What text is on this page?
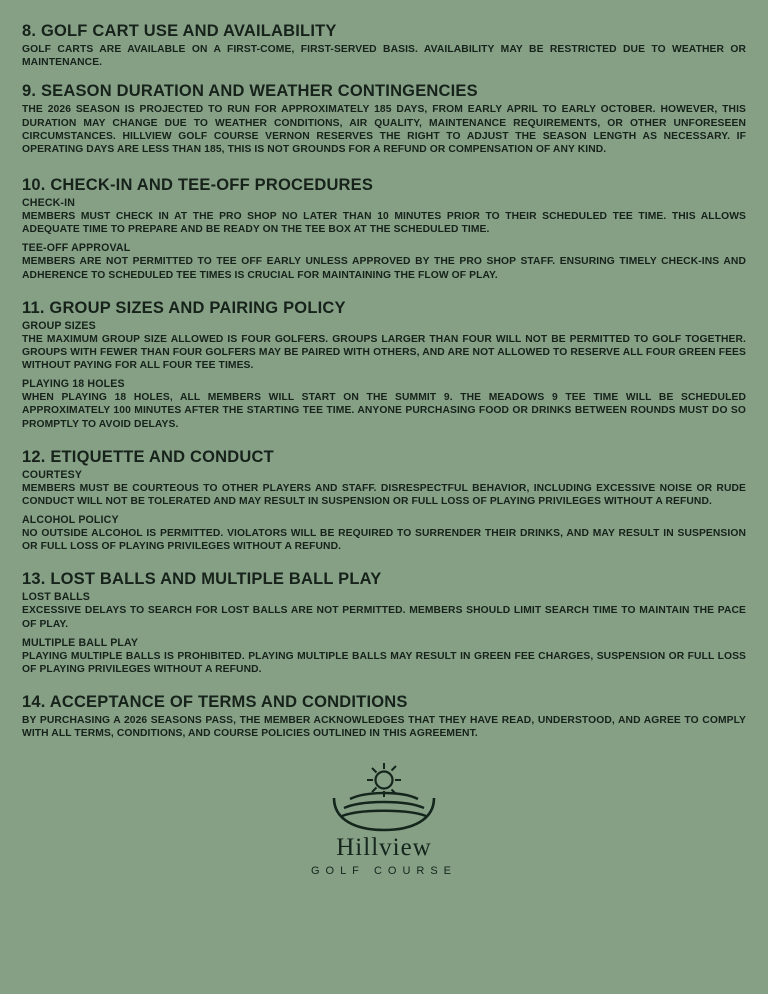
8. GOLF CART USE AND AVAILABILITY

GOLF CARTS ARE AVAILABLE ON A FIRST-COME, FIRST-SERVED BASIS. AVAILABILITY MAY BE RESTRICTED DUE TO WEATHER OR MAINTENANCE.

9. SEASON DURATION AND WEATHER CONTINGENCIES

THE 2026 SEASON IS PROJECTED TO RUN FOR APPROXIMATELY 185 DAYS, FROM EARLY APRIL TO EARLY OCTOBER. HOWEVER, THIS DURATION MAY CHANGE DUE TO WEATHER CONDITIONS, AIR QUALITY, MAINTENANCE REQUIREMENTS, OR OTHER UNFORESEEN CIRCUMSTANCES. HILLVIEW GOLF COURSE VERNON RESERVES THE RIGHT TO ADJUST THE SEASON LENGTH AS NECESSARY. IF OPERATING DAYS ARE LESS THAN 185, THIS IS NOT GROUNDS FOR A REFUND OR COMPENSATION OF ANY KIND.

10. CHECK-IN AND TEE-OFF PROCEDURES

CHECK-IN

MEMBERS MUST CHECK IN AT THE PRO SHOP NO LATER THAN 10 MINUTES PRIOR TO THEIR SCHEDULED TEE TIME. THIS ALLOWS ADEQUATE TIME TO PREPARE AND BE READY ON THE TEE BOX AT THE SCHEDULED TIME.

TEE-OFF APPROVAL

MEMBERS ARE NOT PERMITTED TO TEE OFF EARLY UNLESS APPROVED BY THE PRO SHOP STAFF. ENSURING TIMELY CHECK-INS AND ADHERENCE TO SCHEDULED TEE TIMES IS CRUCIAL FOR MAINTAINING THE FLOW OF PLAY.

11. GROUP SIZES AND PAIRING POLICY

GROUP SIZES

THE MAXIMUM GROUP SIZE ALLOWED IS FOUR GOLFERS. GROUPS LARGER THAN FOUR WILL NOT BE PERMITTED TO GOLF TOGETHER. GROUPS WITH FEWER THAN FOUR GOLFERS MAY BE PAIRED WITH OTHERS, AND ARE NOT ALLOWED TO RESERVE ALL FOUR GREEN FEES WITHOUT PAYING FOR ALL FOUR TEE TIMES.

PLAYING 18 HOLES

WHEN PLAYING 18 HOLES, ALL MEMBERS WILL START ON THE SUMMIT 9. THE MEADOWS 9 TEE TIME WILL BE SCHEDULED APPROXIMATELY 100 MINUTES AFTER THE STARTING TEE TIME. ANYONE PURCHASING FOOD OR DRINKS BETWEEN ROUNDS MUST DO SO PROMPTLY TO AVOID DELAYS.

12. ETIQUETTE AND CONDUCT

COURTESY

MEMBERS MUST BE COURTEOUS TO OTHER PLAYERS AND STAFF. DISRESPECTFUL BEHAVIOR, INCLUDING EXCESSIVE NOISE OR RUDE CONDUCT WILL NOT BE TOLERATED AND MAY RESULT IN SUSPENSION OR FULL LOSS OF PLAYING PRIVILEGES WITHOUT A REFUND.

ALCOHOL POLICY

NO OUTSIDE ALCOHOL IS PERMITTED. VIOLATORS WILL BE REQUIRED TO SURRENDER THEIR DRINKS, AND MAY RESULT IN SUSPENSION OR FULL LOSS OF PLAYING PRIVILEGES WITHOUT A REFUND.

13. LOST BALLS AND MULTIPLE BALL PLAY

LOST BALLS

EXCESSIVE DELAYS TO SEARCH FOR LOST BALLS ARE NOT PERMITTED. MEMBERS SHOULD LIMIT SEARCH TIME TO MAINTAIN THE PACE OF PLAY.

MULTIPLE BALL PLAY

PLAYING MULTIPLE BALLS IS PROHIBITED. PLAYING MULTIPLE BALLS MAY RESULT IN GREEN FEE CHARGES, SUSPENSION OR FULL LOSS OF PLAYING PRIVILEGES WITHOUT A REFUND.

14. ACCEPTANCE OF TERMS AND CONDITIONS

BY PURCHASING A 2026 SEASONS PASS, THE MEMBER ACKNOWLEDGES THAT THEY HAVE READ, UNDERSTOOD, AND AGREE TO COMPLY WITH ALL TERMS, CONDITIONS, AND COURSE POLICIES OUTLINED IN THIS AGREEMENT.

Hillview
GOLF COURSE
